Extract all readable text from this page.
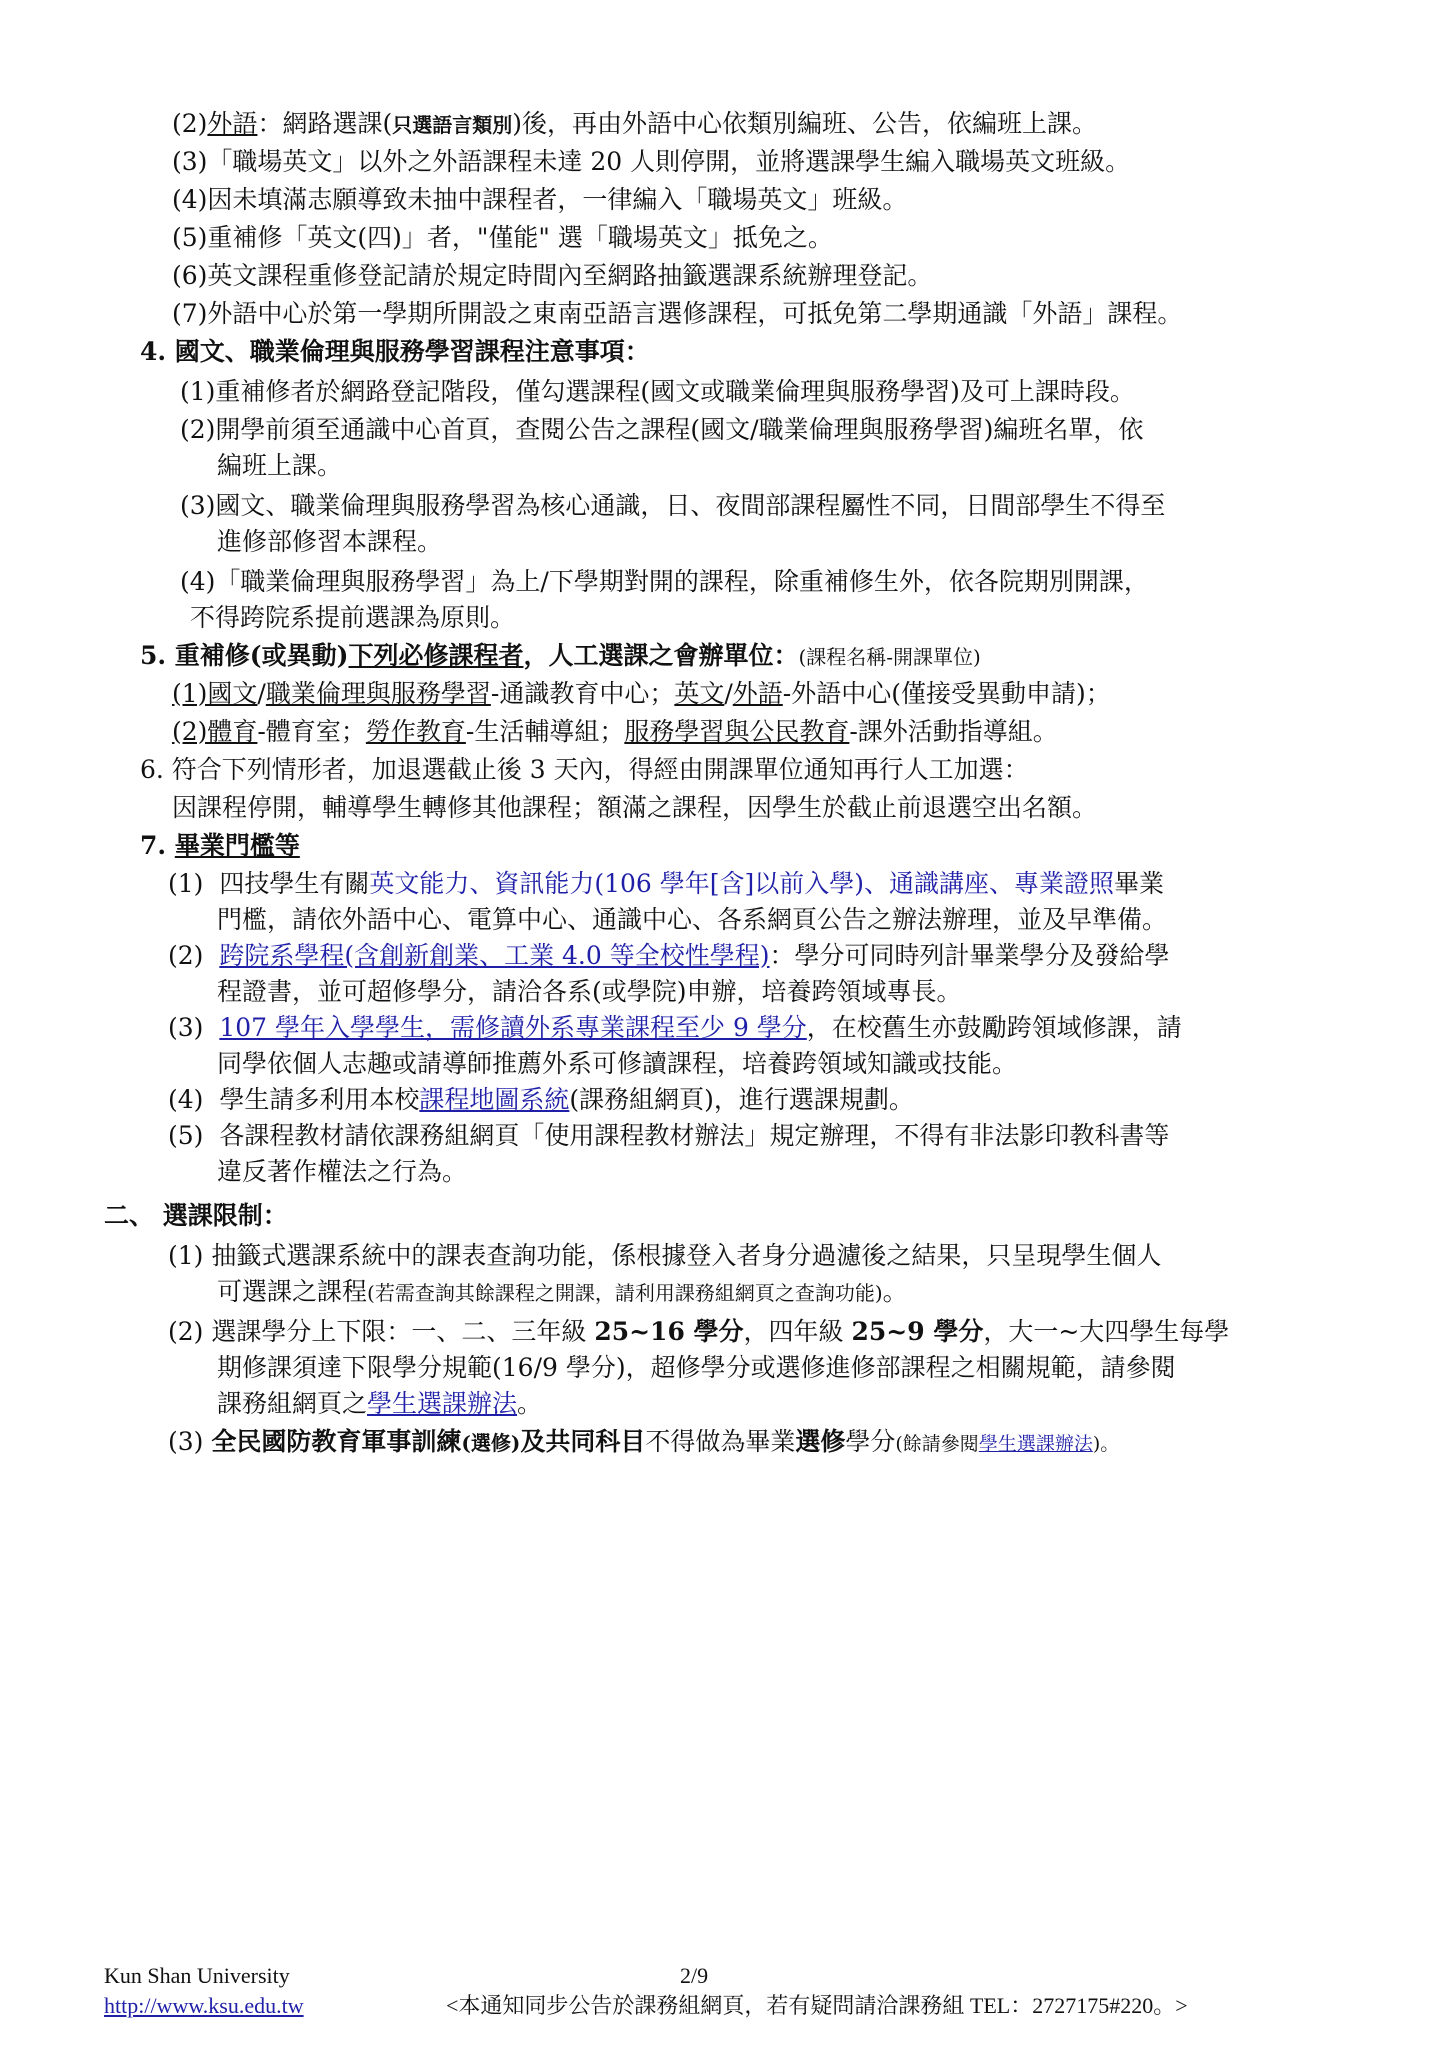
(2)外語：網路選課(只選語言類別)後，再由外語中心依類別編班、公告，依編班上課。
(3)「職場英文」以外之外語課程未達 20 人則停開，並將選課學生編入職場英文班級。
(4)因未填滿志願導致未抽中課程者，一律編入「職場英文」班級。
(5)重補修「英文(四)」者，"僅能" 選「職場英文」抵免之。
(6)英文課程重修登記請於規定時間內至網路抽籤選課系統辦理登記。
(7)外語中心於第一學期所開設之東南亞語言選修課程，可抵免第二學期通識「外語」課程。
4. 國文、職業倫理與服務學習課程注意事項：
(1)重補修者於網路登記階段，僅勾選課程(國文或職業倫理與服務學習)及可上課時段。
(2)開學前須至通識中心首頁，查閱公告之課程(國文/職業倫理與服務學習)編班名單，依
編班上課。
(3)國文、職業倫理與服務學習為核心通識，日、夜間部課程屬性不同，日間部學生不得至
進修部修習本課程。
(4)「職業倫理與服務學習」為上/下學期對開的課程，除重補修生外，依各院期別開課，
不得跨院系提前選課為原則。
5. 重補修(或異動)下列必修課程者，人工選課之會辦單位：(課程名稱-開課單位)
(1)國文/職業倫理與服務學習-通識教育中心；英文/外語-外語中心(僅接受異動申請)；
(2)體育-體育室；勞作教育-生活輔導組；服務學習與公民教育-課外活動指導組。
6. 符合下列情形者，加退選截止後 3 天內，得經由開課單位通知再行人工加選：
因課程停開，輔導學生轉修其他課程；額滿之課程，因學生於截止前退選空出名額。
7. 畢業門檻等
(1) 四技學生有關英文能力、資訊能力(106 學年[含]以前入學)、通識講座、專業證照畢業
門檻，請依外語中心、電算中心、通識中心、各系網頁公告之辦法辦理，並及早準備。
(2) 跨院系學程(含創新創業、工業 4.0 等全校性學程)：學分可同時列計畢業學分及發給學
程證書，並可超修學分，請洽各系(或學院)申辦，培養跨領域專長。
(3) 107 學年入學學生，需修讀外系專業課程至少 9 學分，在校舊生亦鼓勵跨領域修課，請
同學依個人志趣或請導師推薦外系可修讀課程，培養跨領域知識或技能。
(4) 學生請多利用本校課程地圖系統(課務組網頁)，進行選課規劃。
(5) 各課程教材請依課務組網頁「使用課程教材辦法」規定辦理，不得有非法影印教科書等
違反著作權法之行為。
二、 選課限制：
(1) 抽籤式選課系統中的課表查詢功能，係根據登入者身分過濾後之結果，只呈現學生個人
可選課之課程(若需查詢其餘課程之開課，請利用課務組網頁之查詢功能)。
(2) 選課學分上下限：一、二、三年級 25~16 學分，四年級 25~9 學分，大一~大四學生每學
期修課須達下限學分規範(16/9 學分)，超修學分或選修進修部課程之相關規範，請參閱
課務組網頁之學生選課辦法。
(3) 全民國防教育軍事訓練(選修)及共同科目不得做為畢業選修學分(餘請參閱學生選課辦法)。
Kun Shan University
http://www.ksu.edu.tw
2/9
<本通知同步公告於課務組網頁，若有疑問請洽課務組 TEL：2727175#220。>
